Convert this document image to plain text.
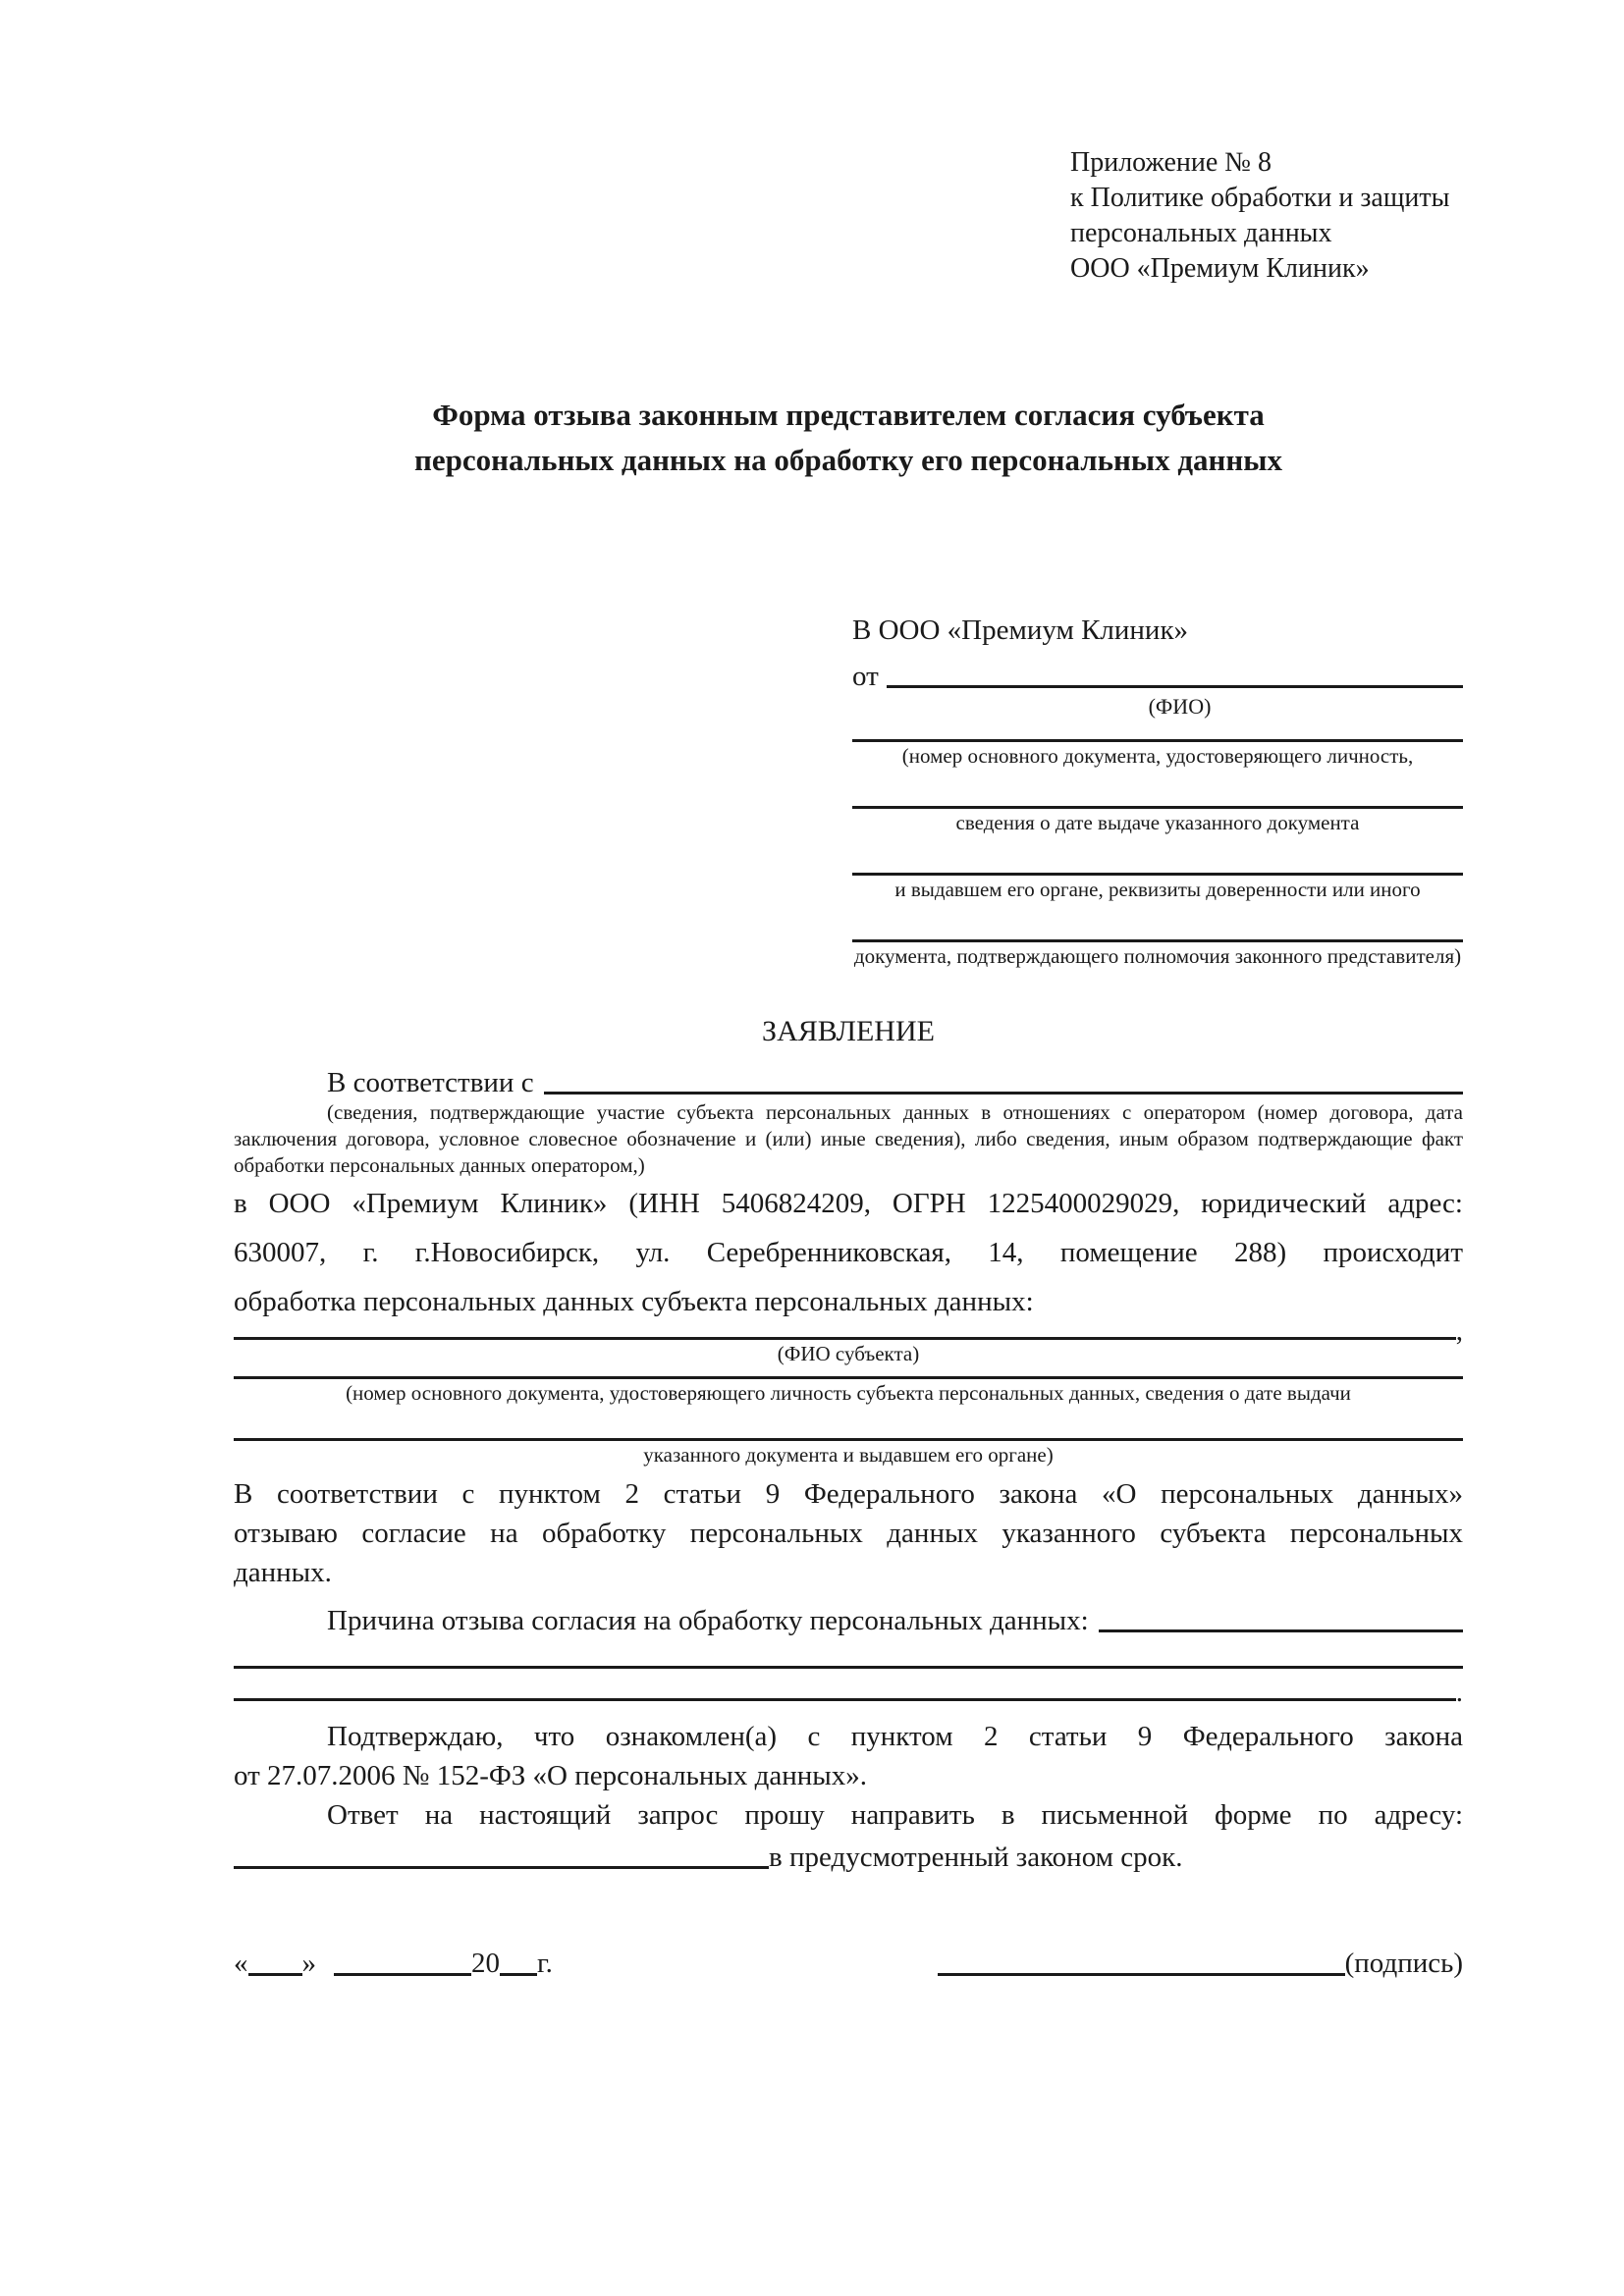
Приложение № 8
к Политике обработки и защиты
персональных данных
ООО «Премиум Клиник»
Форма отзыва законным представителем согласия субъекта
персональных данных на обработку его персональных данных
В ООО «Премиум Клиник»
от
(ФИО)
(номер основного документа, удостоверяющего личность,
сведения о дате выдаче указанного документа
и выдавшем его органе, реквизиты доверенности или иного
документа, подтверждающего полномочия законного представителя)
ЗАЯВЛЕНИЕ
В соответствии с
(сведения, подтверждающие участие субъекта персональных данных в отношениях с оператором (номер договора, дата
заключения договора, условное словесное обозначение и (или) иные сведения), либо сведения, иным образом подтверждающие факт
обработки персональных данных оператором,)
в ООО «Премиум Клиник» (ИНН 5406824209, ОГРН 1225400029029, юридический адрес:
630007, г. г.Новосибирск, ул. Серебренниковская, 14, помещение 288) происходит
обработка персональных данных субъекта персональных данных:
,
(ФИО субъекта)
(номер основного документа, удостоверяющего личность субъекта персональных данных, сведения о дате выдачи
указанного документа и выдавшем его органе)
В соответствии с пунктом 2 статьи 9 Федерального закона «О персональных данных»
отзываю согласие на обработку персональных данных указанного субъекта персональных
данных.
Причина отзыва согласия на обработку персональных данных:
.
Подтверждаю, что ознакомлен(а) с пунктом 2 статьи 9 Федерального закона
от 27.07.2006 № 152-ФЗ «О персональных данных».
Ответ на настоящий запрос прошу направить в письменной форме по адресу:
в предусмотренный законом срок.
« »	20 г.	(подпись)
